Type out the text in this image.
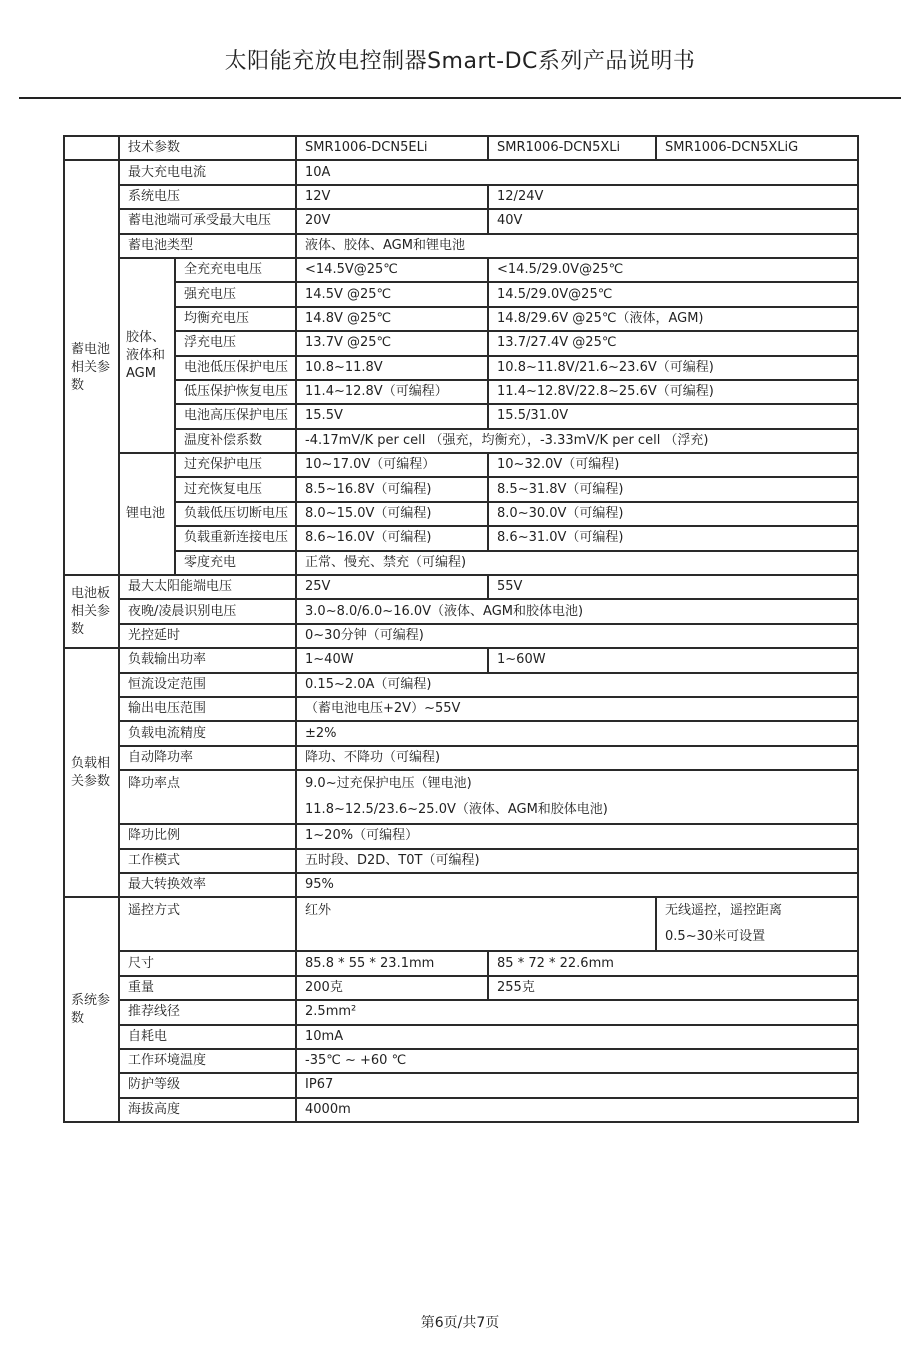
太阳能充放电控制器Smart-DC系列产品说明书
	技术参数		SMR1006-DCN5ELi	SMR1006-DCN5XLi	SMR1006-DCN5XLiG
蓄电池相关参数	最大充电电流		10A		
	系统电压		12V	12/24V	
	蓄电池端可承受最大电压		20V	40V	
	蓄电池类型		液体、胶体、AGM和锂电池		
	胶体、液体和AGM	全充充电电压	<14.5V@25℃	<14.5/29.0V@25℃	
		强充电压	14.5V @25℃	14.5/29.0V@25℃	
		均衡充电压	14.8V @25℃	14.8/29.6V @25℃（液体，AGM)	
		浮充电压	13.7V @25℃	13.7/27.4V @25℃	
		电池低压保护电压	10.8~11.8V	10.8~11.8V/21.6~23.6V（可编程)	
		低压保护恢复电压	11.4~12.8V（可编程）	11.4~12.8V/22.8~25.6V（可编程)	
		电池高压保护电压	15.5V	15.5/31.0V	
		温度补偿系数	-4.17mV/K per cell （强充，均衡充），-3.33mV/K per cell （浮充)		
	锂电池	过充保护电压	10~17.0V（可编程）	10~32.0V（可编程)	
		过充恢复电压	8.5~16.8V（可编程)	8.5~31.8V（可编程)	
		负载低压切断电压	8.0~15.0V（可编程)	8.0~30.0V（可编程)	
		负载重新连接电压	8.6~16.0V（可编程)	8.6~31.0V（可编程)	
		零度充电	正常、慢充、禁充（可编程)		
电池板相关参数	最大太阳能端电压		25V	55V	
	夜晚/凌晨识别电压		3.0~8.0/6.0~16.0V（液体、AGM和胶体电池)		
	光控延时		0~30分钟（可编程)		
负载相关参数	负载输出功率		1~40W	1~60W	
	恒流设定范围		0.15~2.0A（可编程)		
	输出电压范围		（蓄电池电压+2V）~55V		
	负载电流精度		±2%		
	自动降功率		降功、不降功（可编程)		
	降功率点		9.0~过充保护电压（锂电池)
11.8~12.5/23.6~25.0V（液体、AGM和胶体电池)		

	降功比例		1~20%（可编程）		
	工作模式		五时段、D2D、T0T（可编程)		
	最大转换效率		95%		
系统参数	遥控方式		红外		无线遥控，遥控距离
0.5~30米可设置

	尺寸		85.8 * 55 * 23.1mm	85 * 72 * 22.6mm	
	重量		200克	255克	
	推荐线径		2.5mm²		
	自耗电		10mA		
	工作环境温度		-35℃ ~ +60 ℃		
	防护等级		IP67		
	海拔高度		4000m		
第6页/共7页
